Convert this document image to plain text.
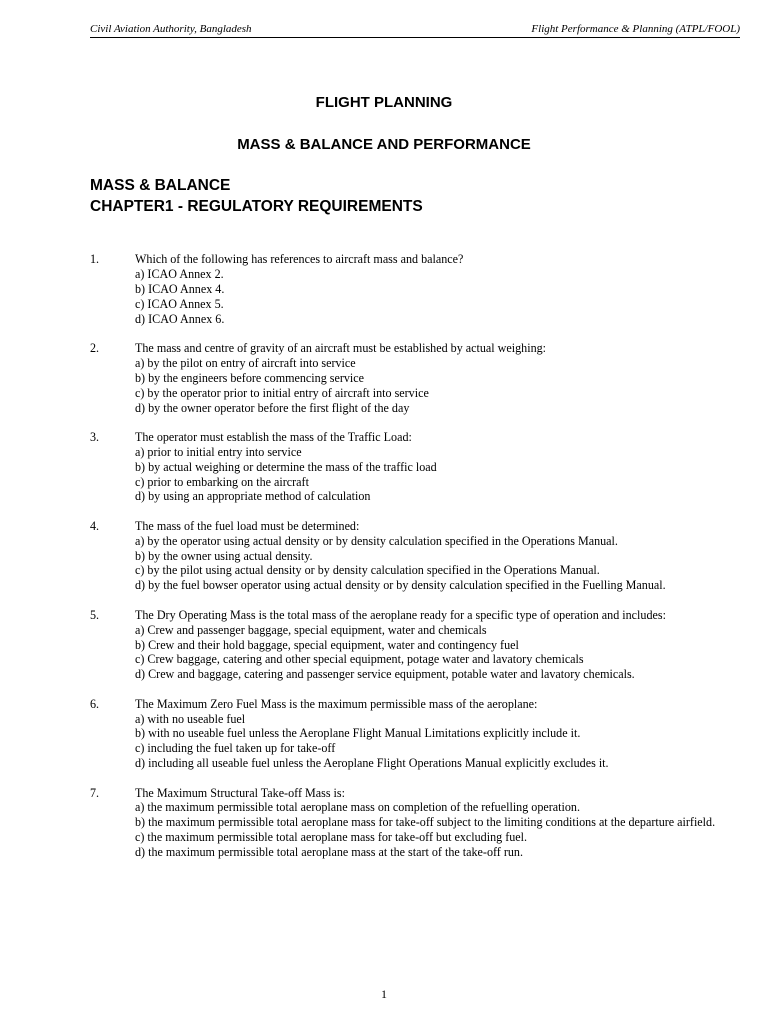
Civil Aviation Authority, Bangladesh	Flight Performance & Planning (ATPL/FOOL)
FLIGHT PLANNING
MASS & BALANCE AND PERFORMANCE
MASS & BALANCE
CHAPTER1 - REGULATORY REQUIREMENTS
1.	Which of the following has references to aircraft mass and balance?
a) ICAO Annex 2.
b) ICAO Annex 4.
c) ICAO Annex 5.
d) ICAO Annex 6.
2.	The mass and centre of gravity of an aircraft must be established by actual weighing:
a) by the pilot on entry of aircraft into service
b) by the engineers before commencing service
c) by the operator prior to initial entry of aircraft into service
d) by the owner operator before the first flight of the day
3.	The operator must establish the mass of the Traffic Load:
a) prior to initial entry into service
b) by actual weighing or determine the mass of the traffic load
c) prior to embarking on the aircraft
d) by using an appropriate method of calculation
4.	The mass of the fuel load must be determined:
a) by the operator using actual density or by density calculation specified in the Operations Manual.
b) by the owner using actual density.
c) by the pilot using actual density or by density calculation specified in the Operations Manual.
d) by the fuel bowser operator using actual density or by density calculation specified in the Fuelling Manual.
5.	The Dry Operating Mass is the total mass of the aeroplane ready for a specific type of operation and includes:
a) Crew and passenger baggage, special equipment, water and chemicals
b) Crew and their hold baggage, special equipment, water and contingency fuel
c) Crew baggage, catering and other special equipment, potage water and lavatory chemicals
d) Crew and baggage, catering and passenger service equipment, potable water and lavatory chemicals.
6.	The Maximum Zero Fuel Mass is the maximum permissible mass of the aeroplane:
a) with no useable fuel
b) with no useable fuel unless the Aeroplane Flight Manual Limitations explicitly include it.
c) including the fuel taken up for take-off
d) including all useable fuel unless the Aeroplane Flight Operations Manual explicitly excludes it.
7.	The Maximum Structural Take-off Mass is:
a) the maximum permissible total aeroplane mass on completion of the refuelling operation.
b) the maximum permissible total aeroplane mass for take-off subject to the limiting conditions at the departure airfield.
c) the maximum permissible total aeroplane mass for take-off but excluding fuel.
d) the maximum permissible total aeroplane mass at the start of the take-off run.
1
